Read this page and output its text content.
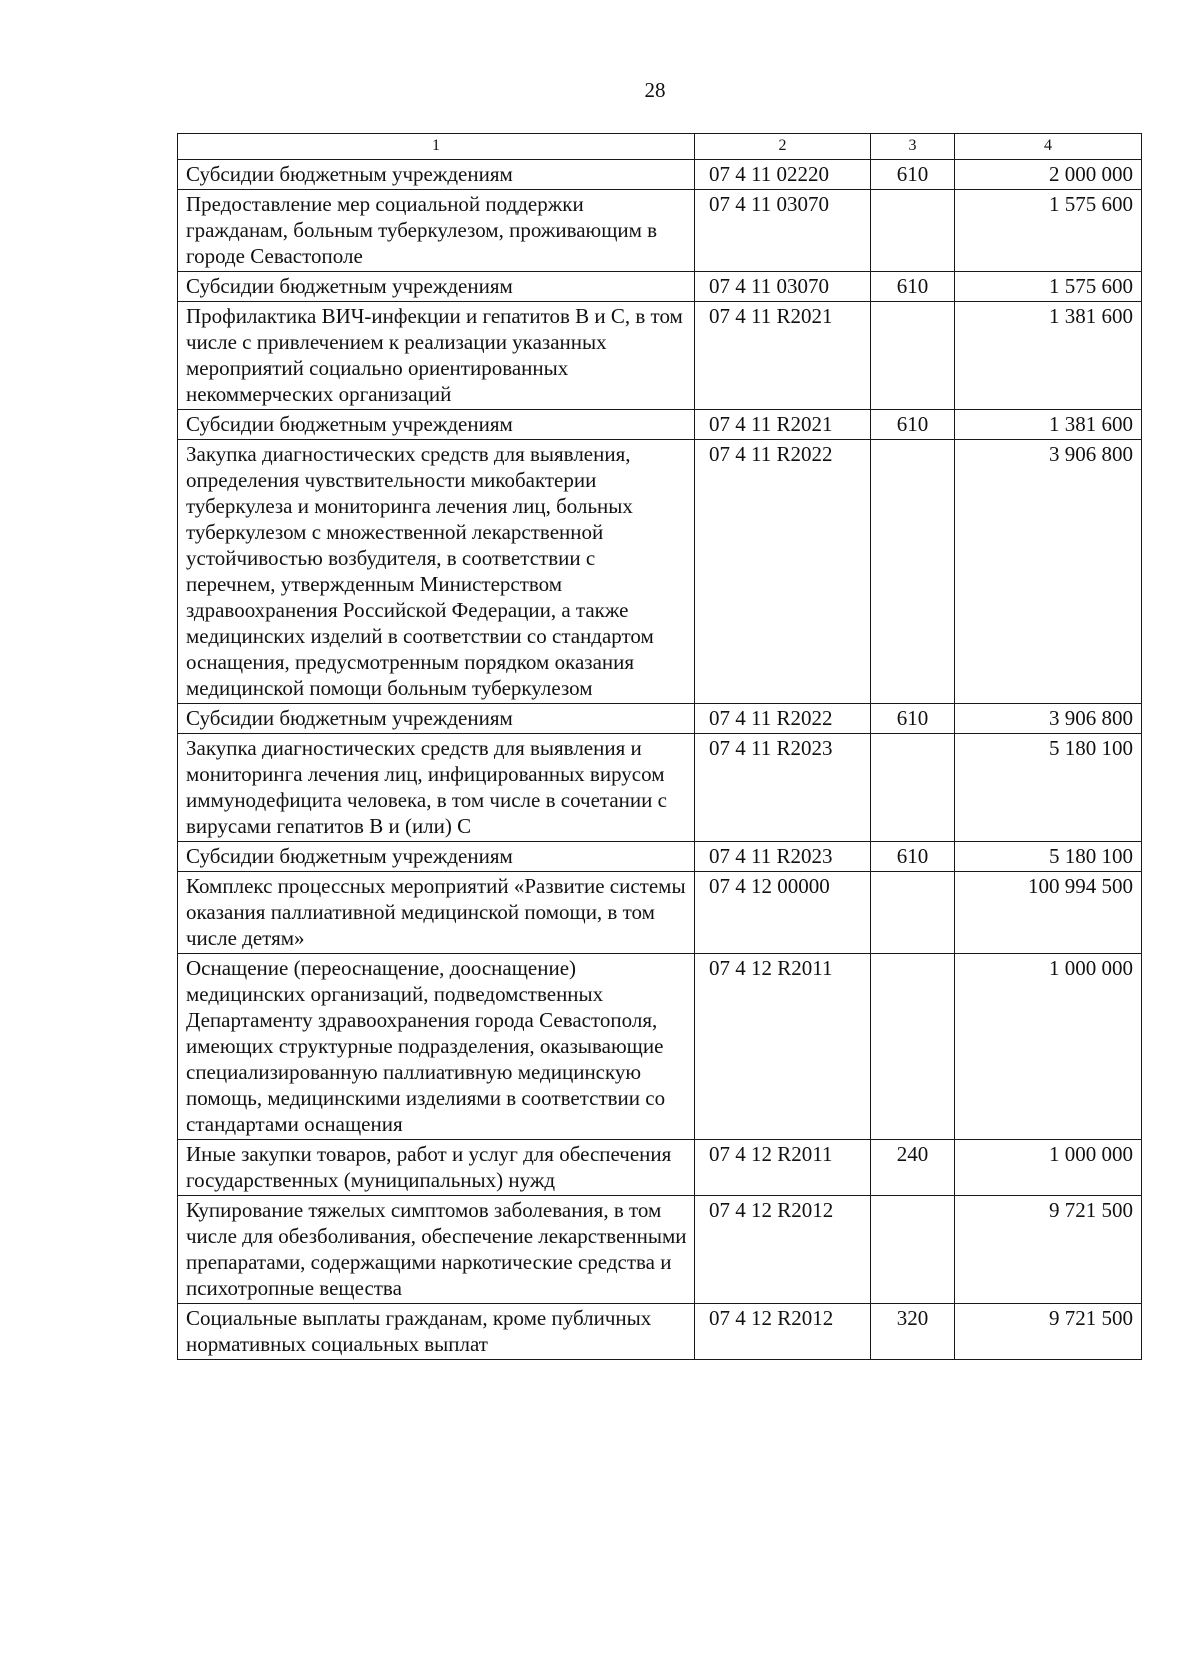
28
1	2	3	4
Субсидии бюджетным учреждениям	07 4 11 02220	610	2 000 000
Предоставление мер социальной поддержки гражданам, больным туберкулезом, проживающим в городе Севастополе	07 4 11 03070		1 575 600
Субсидии бюджетным учреждениям	07 4 11 03070	610	1 575 600
Профилактика ВИЧ-инфекции и гепатитов B и C, в том числе с привлечением к реализации указанных мероприятий социально ориентированных некоммерческих организаций	07 4 11 R2021		1 381 600
Субсидии бюджетным учреждениям	07 4 11 R2021	610	1 381 600
Закупка диагностических средств для выявления, определения чувствительности микобактерии туберкулеза и мониторинга лечения лиц, больных туберкулезом с множественной лекарственной устойчивостью возбудителя, в соответствии с перечнем, утвержденным Министерством здравоохранения Российской Федерации, а также медицинских изделий в соответствии со стандартом оснащения, предусмотренным порядком оказания медицинской помощи больным туберкулезом	07 4 11 R2022		3 906 800
Субсидии бюджетным учреждениям	07 4 11 R2022	610	3 906 800
Закупка диагностических средств для выявления и мониторинга лечения лиц, инфицированных вирусом иммунодефицита человека, в том числе в сочетании с вирусами гепатитов B и (или) C	07 4 11 R2023		5 180 100
Субсидии бюджетным учреждениям	07 4 11 R2023	610	5 180 100
Комплекс процессных мероприятий «Развитие системы оказания паллиативной медицинской помощи, в том числе детям»	07 4 12 00000		100 994 500
Оснащение (переоснащение, дооснащение) медицинских организаций, подведомственных Департаменту здравоохранения города Севастополя, имеющих структурные подразделения, оказывающие специализированную паллиативную медицинскую помощь, медицинскими изделиями в соответствии со стандартами оснащения	07 4 12 R2011		1 000 000
Иные закупки товаров, работ и услуг для обеспечения государственных (муниципальных) нужд	07 4 12 R2011	240	1 000 000
Купирование тяжелых симптомов заболевания, в том числе для обезболивания, обеспечение лекарственными препаратами, содержащими наркотические средства и психотропные вещества	07 4 12 R2012		9 721 500
Социальные выплаты гражданам, кроме публичных нормативных социальных выплат	07 4 12 R2012	320	9 721 500
